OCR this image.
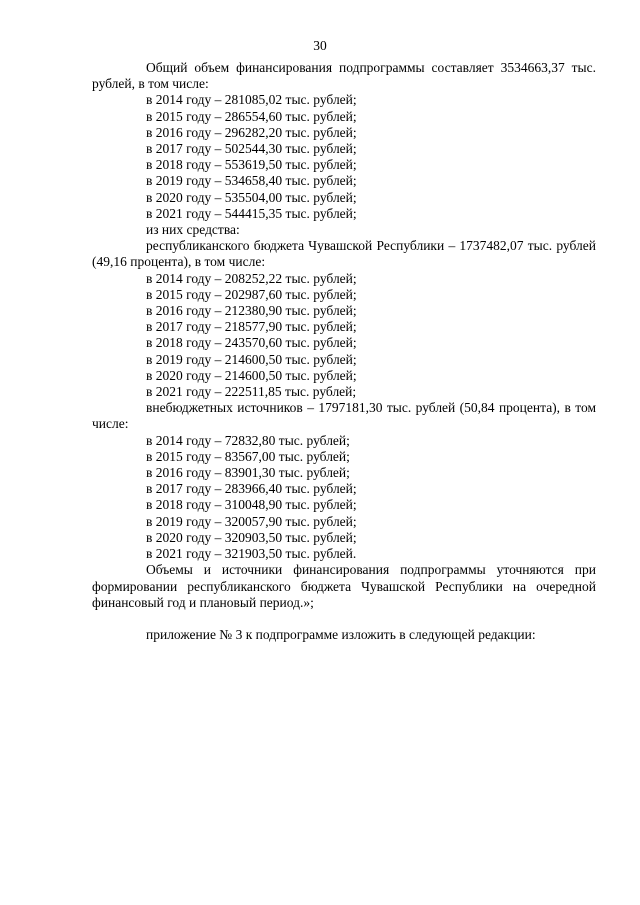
30

Общий объем финансирования подпрограммы составляет 3534663,37 тыс. рублей, в том числе:

в 2014 году – 281085,02 тыс. рублей;

в 2015 году – 286554,60 тыс. рублей;

в 2016 году – 296282,20 тыс. рублей;

в 2017 году – 502544,30 тыс. рублей;

в 2018 году – 553619,50 тыс. рублей;

в 2019 году – 534658,40 тыс. рублей;

в 2020 году – 535504,00 тыс. рублей;

в 2021 году – 544415,35 тыс. рублей;

из них средства:

республиканского бюджета Чувашской Республики – 1737482,07 тыс. рублей (49,16 процента), в том числе:

в 2014 году – 208252,22 тыс. рублей;

в 2015 году – 202987,60 тыс. рублей;

в 2016 году – 212380,90 тыс. рублей;

в 2017 году – 218577,90 тыс. рублей;

в 2018 году – 243570,60 тыс. рублей;

в 2019 году – 214600,50 тыс. рублей;

в 2020 году – 214600,50 тыс. рублей;

в 2021 году – 222511,85 тыс. рублей;

внебюджетных источников – 1797181,30 тыс. рублей (50,84 процента), в том числе:

в 2014 году – 72832,80 тыс. рублей;

в 2015 году – 83567,00 тыс. рублей;

в 2016 году – 83901,30 тыс. рублей;

в 2017 году – 283966,40 тыс. рублей;

в 2018 году – 310048,90 тыс. рублей;

в 2019 году – 320057,90 тыс. рублей;

в 2020 году – 320903,50 тыс. рублей;

в 2021 году – 321903,50 тыс. рублей.

Объемы и источники финансирования подпрограммы уточняются при формировании республиканского бюджета Чувашской Республики на очередной финансовый год и плановый период.»;

приложение № 3 к подпрограмме изложить в следующей редакции:
